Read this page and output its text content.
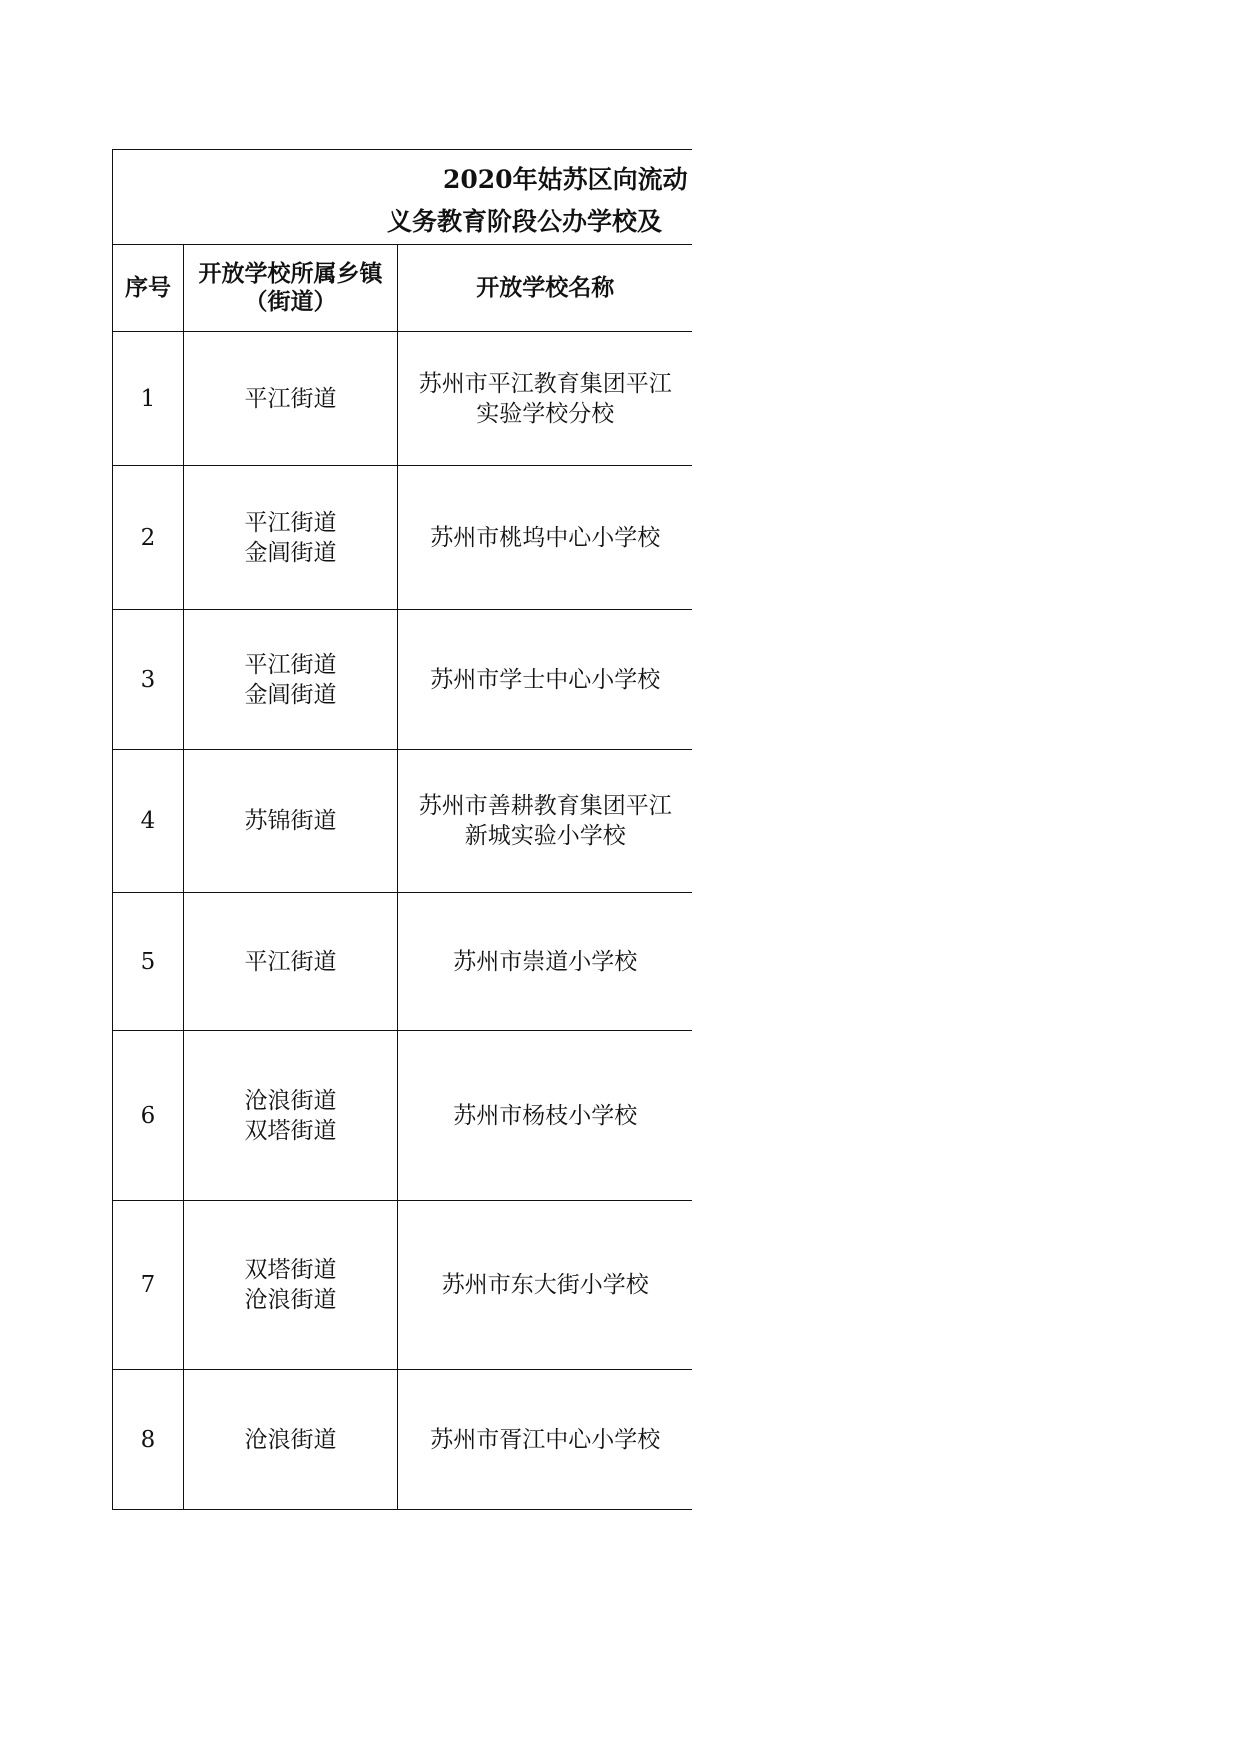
2020年姑苏区向流动
义务教育阶段公办学校及		

序号	开放学校所属乡镇
（街道）	开放学校名称
1	平江街道	苏州市平江教育集团平江
实验学校分校

2	平江街道
金阊街道	苏州市桃坞中心小学校

3	平江街道
金阊街道	苏州市学士中心小学校

4	苏锦街道	苏州市善耕教育集团平江
新城实验小学校

5	平江街道	苏州市崇道小学校

6	沧浪街道
双塔街道	苏州市杨枝小学校

7	双塔街道
沧浪街道	苏州市东大街小学校

8	沧浪街道	苏州市胥江中心小学校
